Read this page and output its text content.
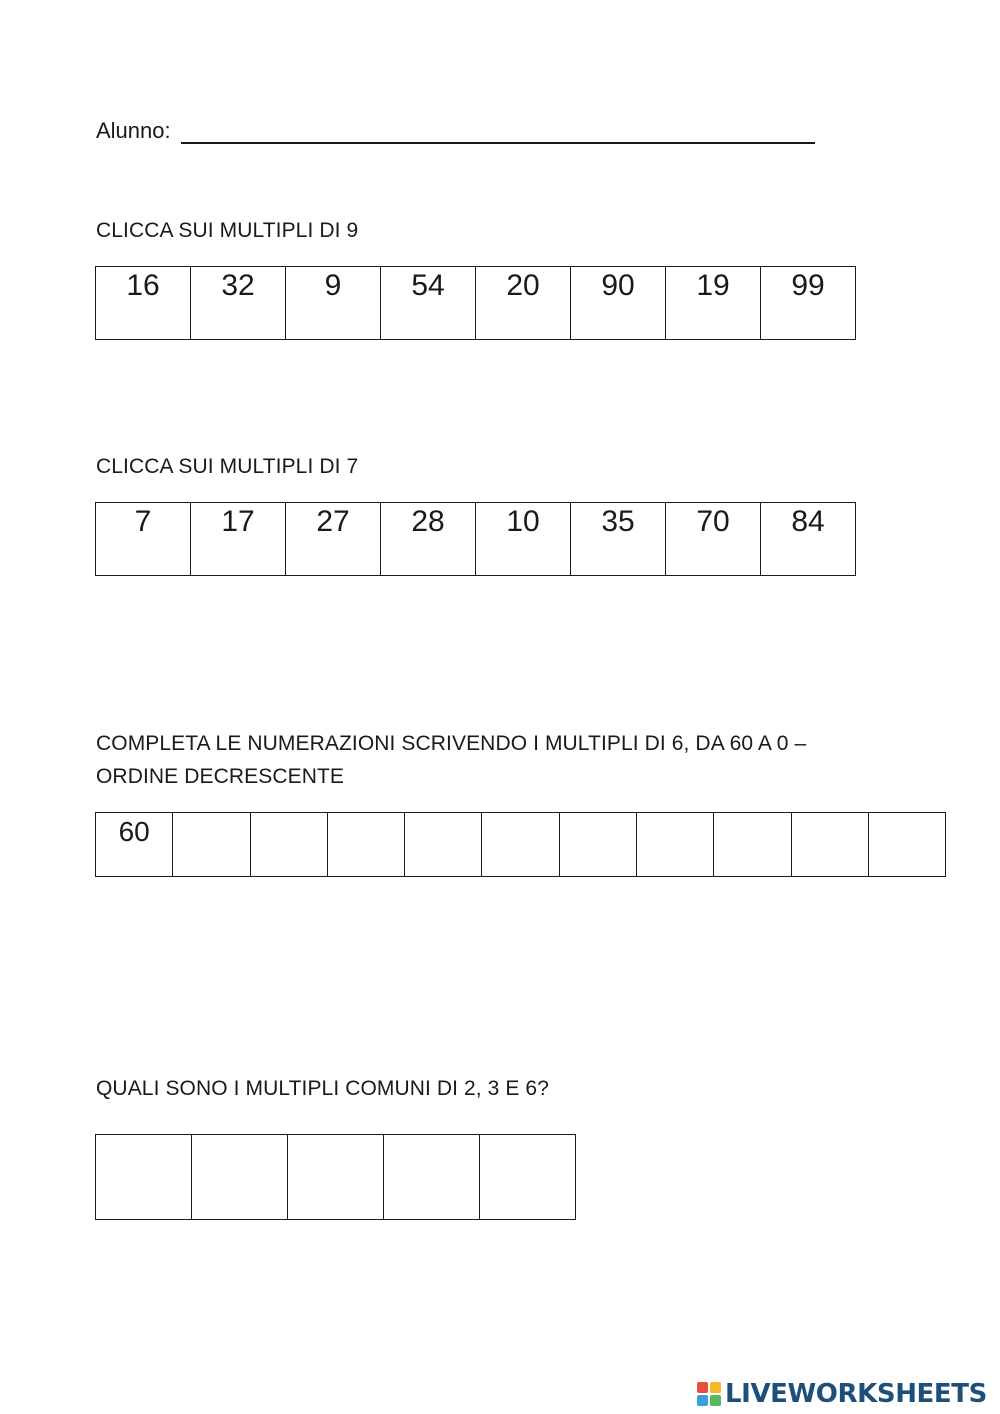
Alunno:
CLICCA SUI MULTIPLI DI 9
16	32	9	54	20	90	19	99
CLICCA SUI MULTIPLI DI 7
7	17	27	28	10	35	70	84
COMPLETA LE NUMERAZIONI SCRIVENDO I MULTIPLI DI 6, DA 60 A 0 –
ORDINE DECRESCENTE
60
QUALI SONO I MULTIPLI COMUNI DI 2, 3 E 6?
LIVEWORKSHEETS
